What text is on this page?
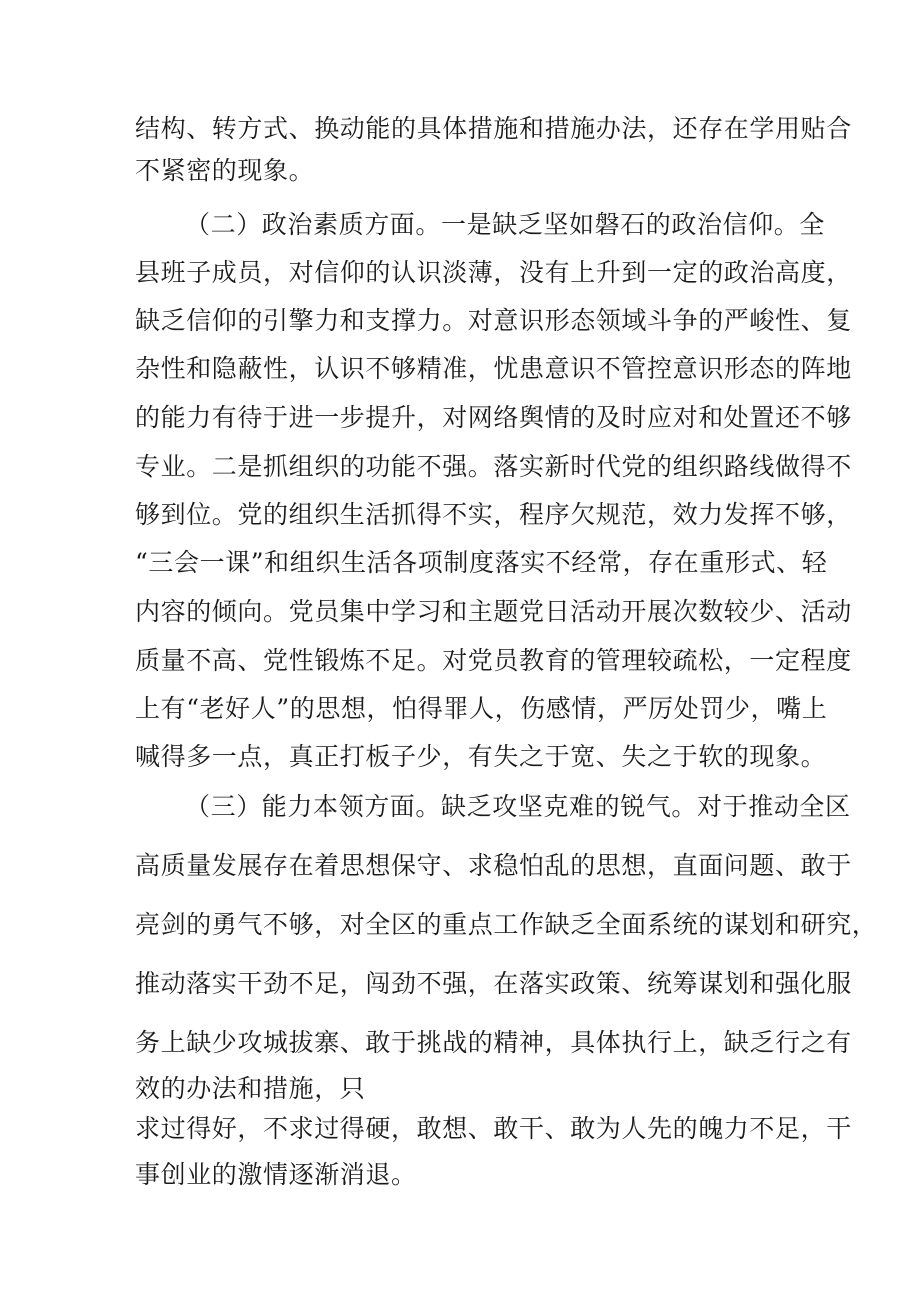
结构、转方式、换动能的具体措施和措施办法，还存在学用贴合
不紧密的现象。
（二）政治素质方面。一是缺乏坚如磐石的政治信仰。全
县班子成员，对信仰的认识淡薄，没有上升到一定的政治高度，
缺乏信仰的引擎力和支撑力。对意识形态领域斗争的严峻性、复
杂性和隐蔽性，认识不够精准，忧患意识不管控意识形态的阵地
的能力有待于进一步提升，对网络舆情的及时应对和处置还不够
专业。二是抓组织的功能不强。落实新时代党的组织路线做得不
够到位。党的组织生活抓得不实，程序欠规范，效力发挥不够，
“三会一课”和组织生活各项制度落实不经常，存在重形式、轻
内容的倾向。党员集中学习和主题党日活动开展次数较少、活动
质量不高、党性锻炼不足。对党员教育的管理较疏松，一定程度
上有“老好人”的思想，怕得罪人，伤感情，严厉处罚少，嘴上
喊得多一点，真正打板子少，有失之于宽、失之于软的现象。
（三）能力本领方面。缺乏攻坚克难的锐气。对于推动全区
高质量发展存在着思想保守、求稳怕乱的思想，直面问题、敢于
亮剑的勇气不够，对全区的重点工作缺乏全面系统的谋划和研究，
推动落实干劲不足，闯劲不强，在落实政策、统筹谋划和强化服
务上缺少攻城拔寨、敢于挑战的精神，具体执行上，缺乏行之有
效的办法和措施，只
求过得好，不求过得硬，敢想、敢干、敢为人先的魄力不足，干
事创业的激情逐渐消退。
